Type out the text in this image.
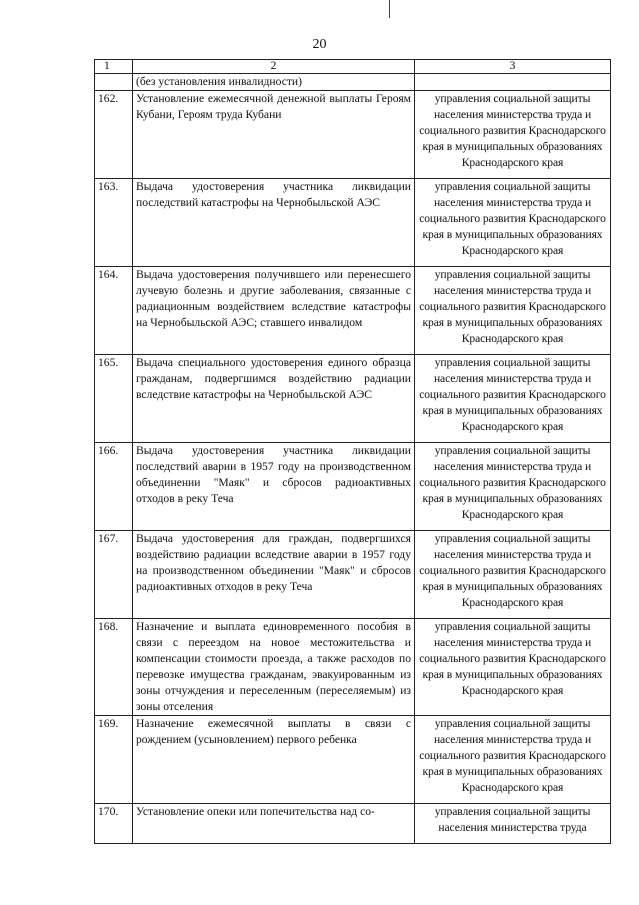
20
1	2	3
	(без установления инвалидности)	
162.	Установление ежемесячной денежной выплаты Героям Кубани, Героям труда Кубани	управления социальной защиты населения министерства труда и социального развития Краснодарского края в муниципальных образованиях Краснодарского края
163.	Выдача удостоверения участника ликвидации последствий катастрофы на Чернобыльской АЭС	управления социальной защиты населения министерства труда и социального развития Краснодарского края в муниципальных образованиях Краснодарского края
164.	Выдача удостоверения получившего или перенесшего лучевую болезнь и другие заболевания, связанные с радиационным воздействием вследствие катастрофы на Чернобыльской АЭС; ставшего инвалидом	управления социальной защиты населения министерства труда и социального развития Краснодарского края в муниципальных образованиях Краснодарского края
165.	Выдача специального удостоверения единого образца гражданам, подвергшимся воздействию радиации вследствие катастрофы на Чернобыльской АЭС	управления социальной защиты населения министерства труда и социального развития Краснодарского края в муниципальных образованиях Краснодарского края
166.	Выдача удостоверения участника ликвидации последствий аварии в 1957 году на производственном объединении "Маяк" и сбросов радиоактивных отходов в реку Теча	управления социальной защиты населения министерства труда и социального развития Краснодарского края в муниципальных образованиях Краснодарского края
167.	Выдача удостоверения для граждан, подвергшихся воздействию радиации вследствие аварии в 1957 году на производственном объединении "Маяк" и сбросов радиоактивных отходов в реку Теча	управления социальной защиты населения министерства труда и социального развития Краснодарского края в муниципальных образованиях Краснодарского края
168.	Назначение и выплата единовременного пособия в связи с переездом на новое местожительства и компенсации стоимости проезда, а также расходов по перевозке имущества гражданам, эвакуированным из зоны отчуждения и переселенным (переселяемым) из зоны отселения	управления социальной защиты населения министерства труда и социального развития Краснодарского края в муниципальных образованиях Краснодарского края
169.	Назначение ежемесячной выплаты в связи с рождением (усыновлением) первого ребенка	управления социальной защиты населения министерства труда и социального развития Краснодарского края в муниципальных образованиях Краснодарского края
170.	Установление опеки или попечительства над со-	управления социальной защиты населения министерства труда
